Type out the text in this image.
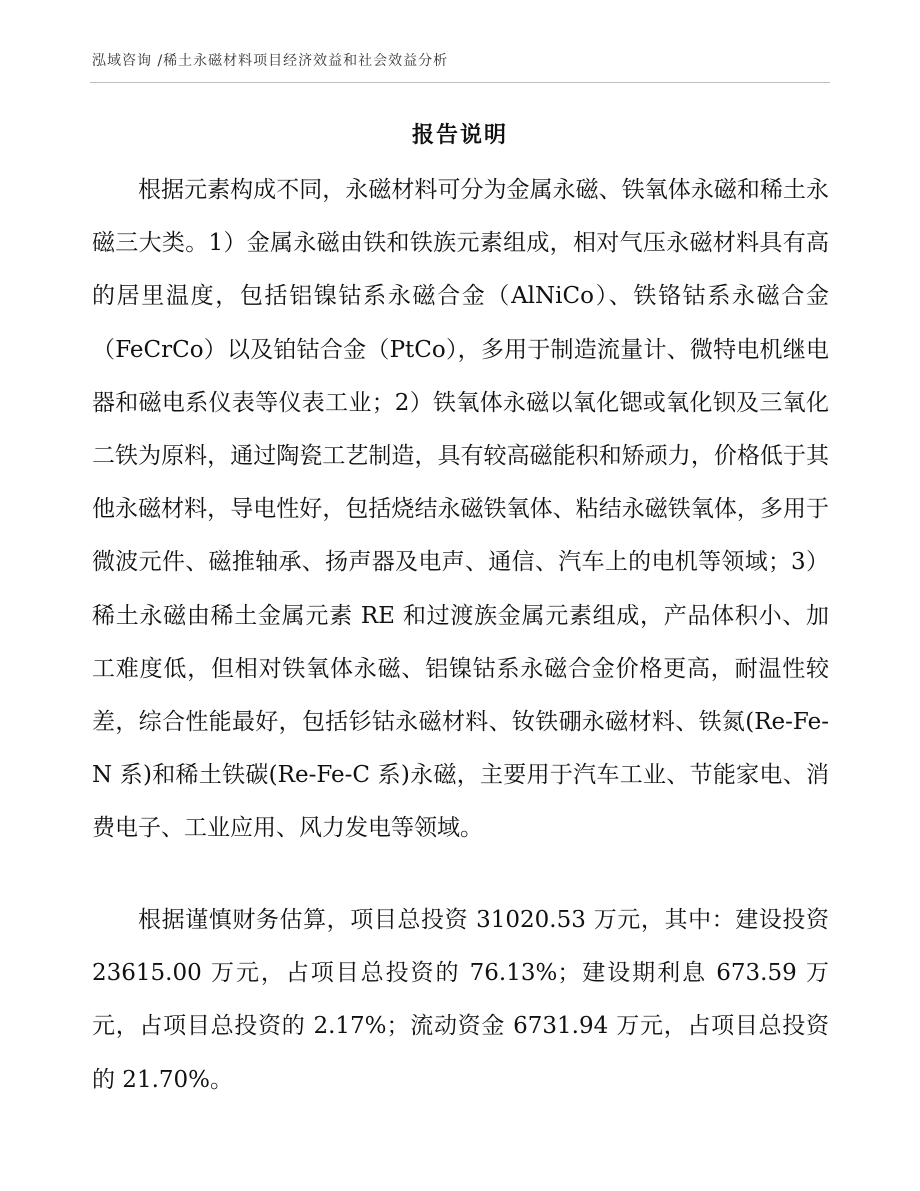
泓域咨询 /稀土永磁材料项目经济效益和社会效益分析
报告说明

根据元素构成不同，永磁材料可分为金属永磁、铁氧体永磁和稀土永磁三大类。1）金属永磁由铁和铁族元素组成，相对气压永磁材料具有高的居里温度，包括铝镍钴系永磁合金（AlNiCo）、铁铬钴系永磁合金（FeCrCo）以及铂钴合金（PtCo），多用于制造流量计、微特电机继电器和磁电系仪表等仪表工业；2）铁氧体永磁以氧化锶或氧化钡及三氧化二铁为原料，通过陶瓷工艺制造，具有较高磁能积和矫顽力，价格低于其他永磁材料，导电性好，包括烧结永磁铁氧体、粘结永磁铁氧体，多用于微波元件、磁推轴承、扬声器及电声、通信、汽车上的电机等领域；3）稀土永磁由稀土金属元素 RE 和过渡族金属元素组成，产品体积小、加工难度低，但相对铁氧体永磁、铝镍钴系永磁合金价格更高，耐温性较差，综合性能最好，包括钐钴永磁材料、钕铁硼永磁材料、铁氮(Re-Fe-N 系)和稀土铁碳(Re-Fe-C 系)永磁，主要用于汽车工业、节能家电、消费电子、工业应用、风力发电等领域。

根据谨慎财务估算，项目总投资 31020.53 万元，其中：建设投资 23615.00 万元，占项目总投资的 76.13%；建设期利息 673.59 万元，占项目总投资的 2.17%；流动资金 6731.94 万元，占项目总投资的 21.70%。
